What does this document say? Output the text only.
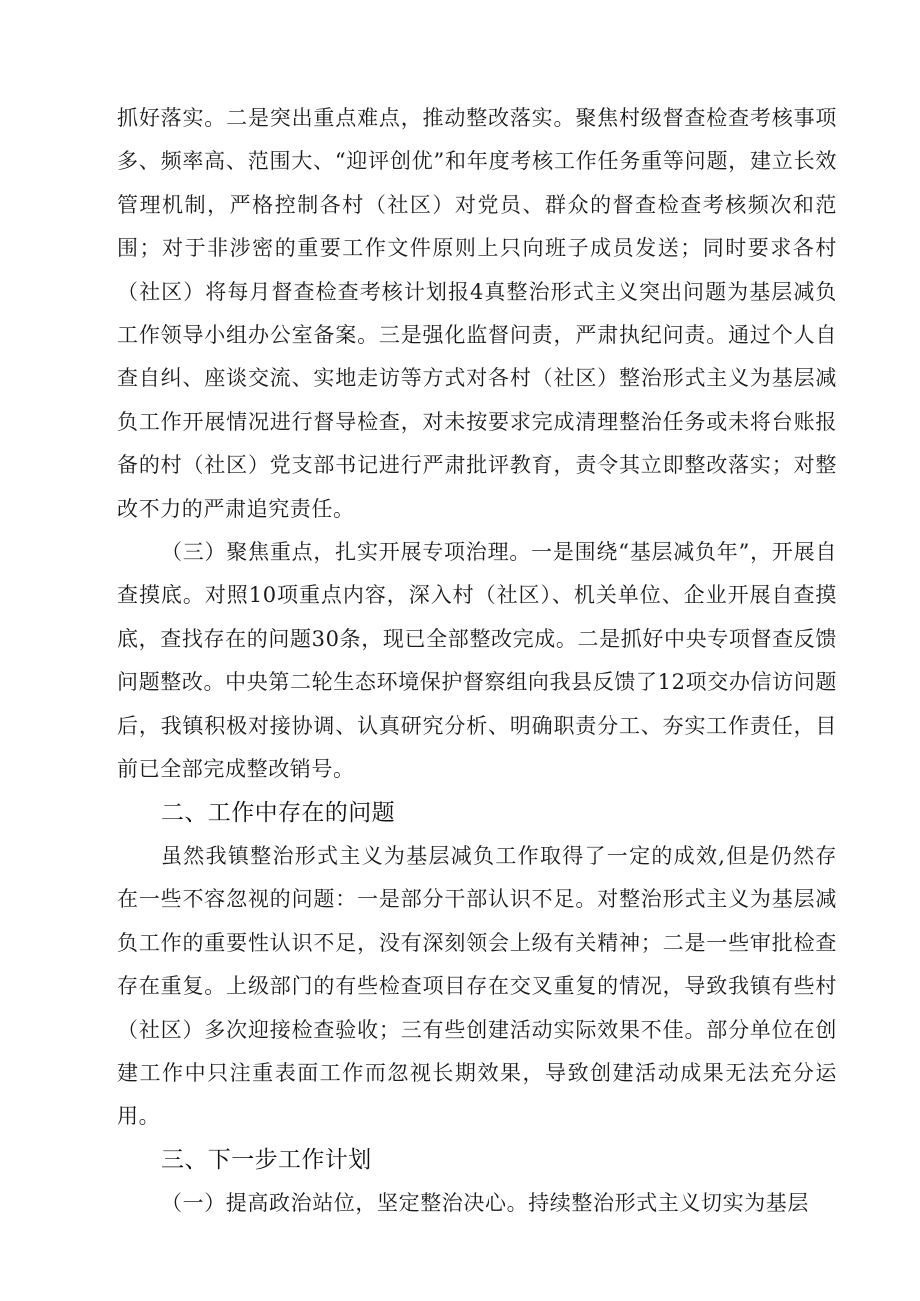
抓好落实。二是突出重点难点，推动整改落实。聚焦村级督查检查考核事项多、频率高、范围大、“迎评创优”和年度考核工作任务重等问题，建立长效管理机制，严格控制各村（社区）对党员、群众的督查检查考核频次和范围；对于非涉密的重要工作文件原则上只向班子成员发送；同时要求各村（社区）将每月督查检查考核计划报4真整治形式主义突出问题为基层减负工作领导小组办公室备案。三是强化监督问责，严肃执纪问责。通过个人自查自纠、座谈交流、实地走访等方式对各村（社区）整治形式主义为基层减负工作开展情况进行督导检查，对未按要求完成清理整治任务或未将台账报备的村（社区）党支部书记进行严肃批评教育，责令其立即整改落实；对整改不力的严肃追究责任。

（三）聚焦重点，扎实开展专项治理。一是围绕“基层减负年”，开展自查摸底。对照10项重点内容，深入村（社区）、机关单位、企业开展自查摸底，查找存在的问题30条，现已全部整改完成。二是抓好中央专项督查反馈问题整改。中央第二轮生态环境保护督察组向我县反馈了12项交办信访问题后，我镇积极对接协调、认真研究分析、明确职责分工、夯实工作责任，目前已全部完成整改销号。

二、工作中存在的问题

虽然我镇整治形式主义为基层减负工作取得了一定的成效,但是仍然存在一些不容忽视的问题：一是部分干部认识不足。对整治形式主义为基层减负工作的重要性认识不足，没有深刻领会上级有关精神；二是一些审批检查存在重复。上级部门的有些检查项目存在交叉重复的情况，导致我镇有些村（社区）多次迎接检查验收；三有些创建活动实际效果不佳。部分单位在创建工作中只注重表面工作而忽视长期效果，导致创建活动成果无法充分运用。

三、下一步工作计划

（一）提高政治站位，坚定整治决心。持续整治形式主义切实为基层
